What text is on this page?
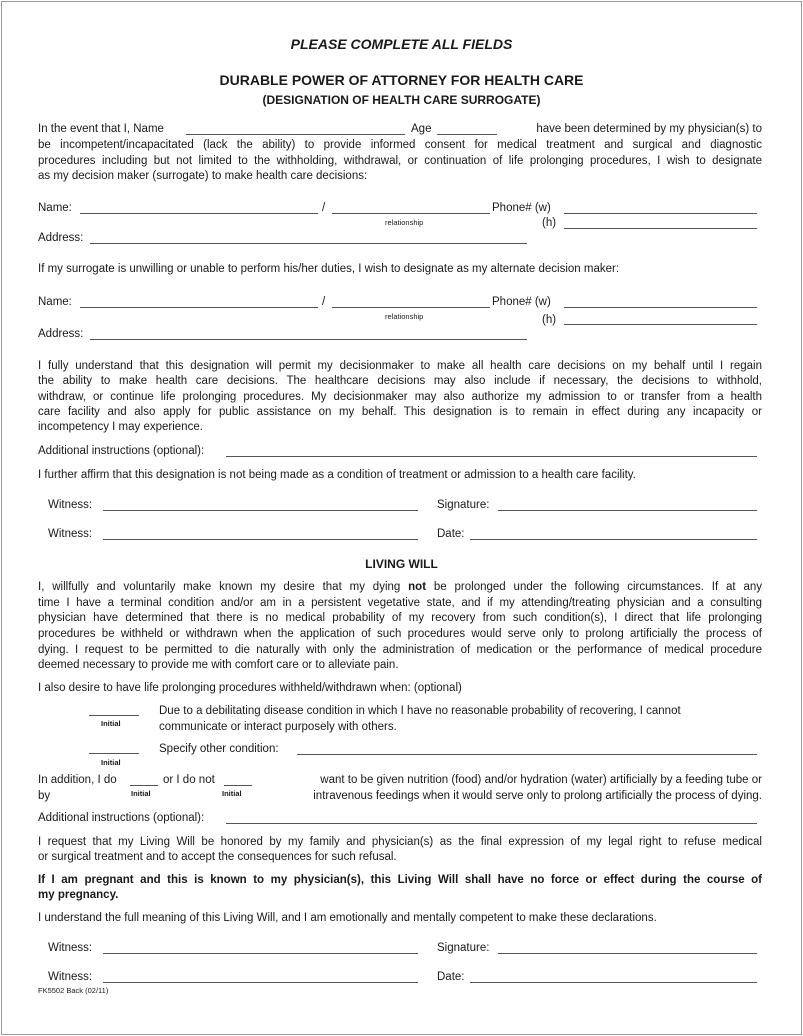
PLEASE COMPLETE ALL FIELDS
DURABLE POWER OF ATTORNEY FOR HEALTH CARE
(DESIGNATION OF HEALTH CARE SURROGATE)
In the event that I, Name	Age	have been determined by my physician(s) to
be incompetent/incapacitated (lack the ability) to provide informed consent for medical treatment and surgical and diagnostic
procedures including but not limited to the withholding, withdrawal, or continuation of life prolonging procedures, I wish to designate
as my decision maker (surrogate) to make health care decisions:
Name:	/	Phone# (w)
relationship	(h)
Address:
If my surrogate is unwilling or unable to perform his/her duties, I wish to designate as my alternate decision maker:
Name:	/	Phone# (w)
relationship	(h)
Address:
I fully understand that this designation will permit my decisionmaker to make all health care decisions on my behalf until I regain
the ability to make health care decisions. The healthcare decisions may also include if necessary, the decisions to withhold,
withdraw, or continue life prolonging procedures. My decisionmaker may also authorize my admission to or transfer from a health
care facility and also apply for public assistance on my behalf. This designation is to remain in effect during any incapacity or
incompetency I may experience.
Additional instructions (optional):
I further affirm that this designation is not being made as a condition of treatment or admission to a health care facility.
Witness:	Signature:
Witness:	Date:
LIVING WILL
I, willfully and voluntarily make known my desire that my dying not be prolonged under the following circumstances. If at any
time I have a terminal condition and/or am in a persistent vegetative state, and if my attending/treating physician and a consulting
physician have determined that there is no medical probability of my recovery from such condition(s), I direct that life prolonging
procedures be withheld or withdrawn when the application of such procedures would serve only to prolong artificially the process of
dying. I request to be permitted to die naturally with only the administration of medication or the performance of medical procedure
deemed necessary to provide me with comfort care or to alleviate pain.
I also desire to have life prolonging procedures withheld/withdrawn when: (optional)
Initial
Due to a debilitating disease condition in which I have no reasonable probability of recovering, I cannot
communicate or interact purposely with others.
Initial
Specify other condition:
In addition, I do	or I do not	want to be given nutrition (food) and/or hydration (water) artificially by a feeding tube or
by	Initial	Initial	intravenous feedings when it would serve only to prolong artificially the process of dying.
Additional instructions (optional):
I request that my Living Will be honored by my family and physician(s) as the final expression of my legal right to refuse medical
or surgical treatment and to accept the consequences for such refusal.
If I am pregnant and this is known to my physician(s), this Living Will shall have no force or effect during the course of
my pregnancy.
I understand the full meaning of this Living Will, and I am emotionally and mentally competent to make these declarations.
Witness:	Signature:
Witness:	Date:
FK5502 Back (02/11)
